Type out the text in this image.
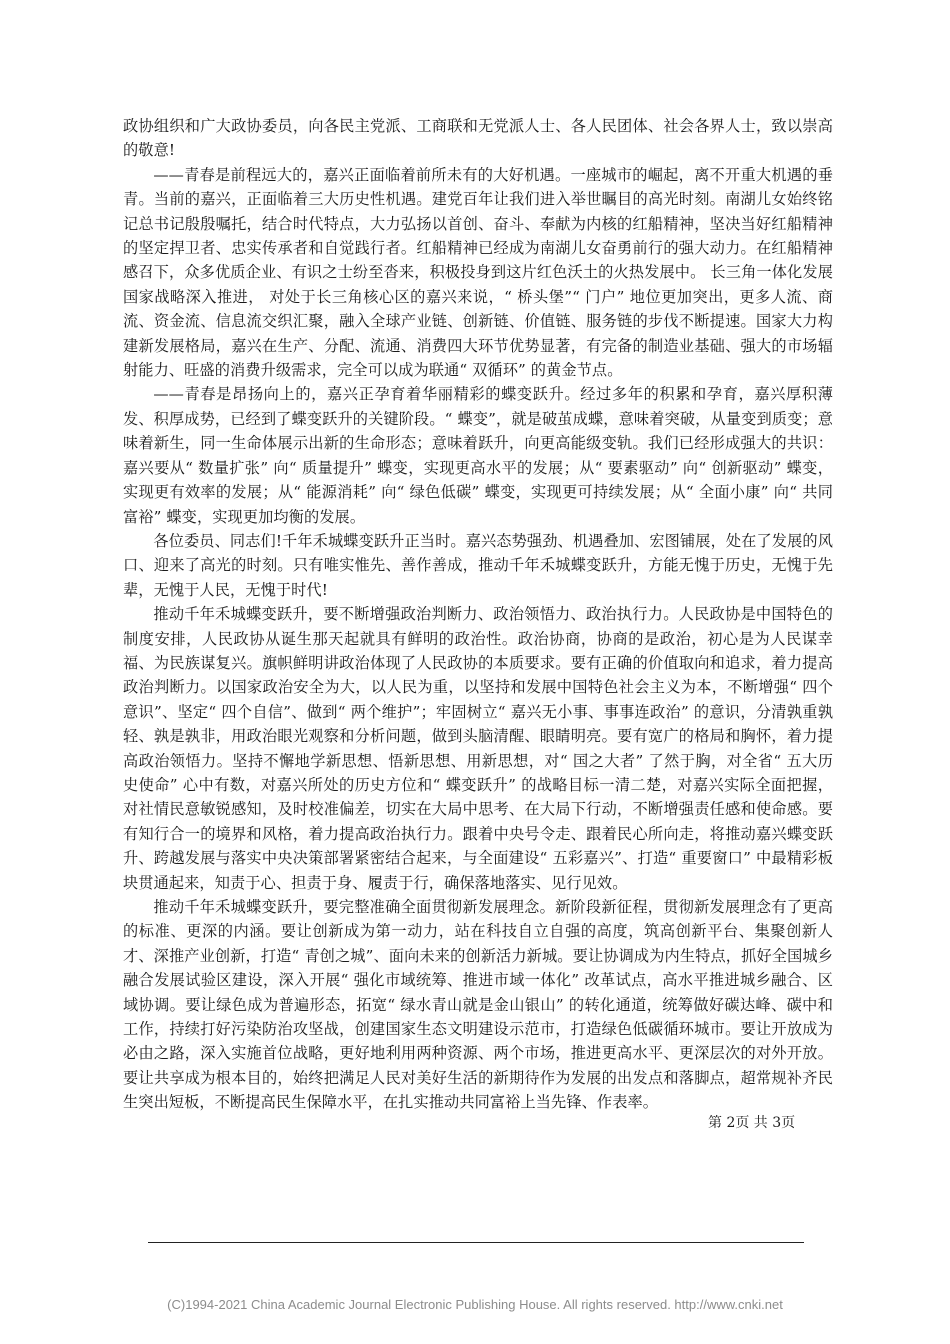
政协组织和广大政协委员，向各民主党派、工商联和无党派人士、各人民团体、社会各界人士，致以崇高的敬意!

——青春是前程远大的，嘉兴正面临着前所未有的大好机遇。一座城市的崛起，离不开重大机遇的垂青。当前的嘉兴，正面临着三大历史性机遇。建党百年让我们进入举世瞩目的高光时刻。南湖儿女始终铭记总书记殷殷嘱托，结合时代特点，大力弘扬以首创、奋斗、奉献为内核的红船精神，坚决当好红船精神的坚定捍卫者、忠实传承者和自觉践行者。红船精神已经成为南湖儿女奋勇前行的强大动力。在红船精神感召下，众多优质企业、有识之士纷至沓来，积极投身到这片红色沃土的火热发展中。 长三角一体化发展国家战略深入推进， 对处于长三角核心区的嘉兴来说，“ 桥头堡”“ 门户” 地位更加突出，更多人流、商流、资金流、信息流交织汇聚，融入全球产业链、创新链、价值链、服务链的步伐不断提速。国家大力构建新发展格局，嘉兴在生产、分配、流通、消费四大环节优势显著，有完备的制造业基础、强大的市场辐射能力、旺盛的消费升级需求，完全可以成为联通“ 双循环” 的黄金节点。

——青春是昂扬向上的，嘉兴正孕育着华丽精彩的蝶变跃升。经过多年的积累和孕育，嘉兴厚积薄发、积厚成势，已经到了蝶变跃升的关键阶段。“ 蝶变”，就是破茧成蝶，意味着突破，从量变到质变；意味着新生，同一生命体展示出新的生命形态；意味着跃升，向更高能级变轨。我们已经形成强大的共识：嘉兴要从“ 数量扩张” 向“ 质量提升” 蝶变，实现更高水平的发展；从“ 要素驱动” 向“ 创新驱动” 蝶变，实现更有效率的发展；从“ 能源消耗” 向“ 绿色低碳” 蝶变，实现更可持续发展；从“ 全面小康” 向“ 共同富裕” 蝶变，实现更加均衡的发展。

各位委员、同志们!千年禾城蝶变跃升正当时。嘉兴态势强劲、机遇叠加、宏图铺展，处在了发展的风口、迎来了高光的时刻。只有唯实惟先、善作善成，推动千年禾城蝶变跃升，方能无愧于历史，无愧于先辈，无愧于人民，无愧于时代!

推动千年禾城蝶变跃升，要不断增强政治判断力、政治领悟力、政治执行力。人民政协是中国特色的制度安排，人民政协从诞生那天起就具有鲜明的政治性。政治协商，协商的是政治，初心是为人民谋幸福、为民族谋复兴。旗帜鲜明讲政治体现了人民政协的本质要求。要有正确的价值取向和追求，着力提高政治判断力。以国家政治安全为大，以人民为重，以坚持和发展中国特色社会主义为本，不断增强“ 四个意识”、坚定“ 四个自信”、做到“ 两个维护”；牢固树立“ 嘉兴无小事、事事连政治” 的意识，分清孰重孰轻、孰是孰非，用政治眼光观察和分析问题，做到头脑清醒、眼睛明亮。要有宽广的格局和胸怀，着力提高政治领悟力。坚持不懈地学新思想、悟新思想、用新思想，对“ 国之大者” 了然于胸，对全省“ 五大历史使命” 心中有数，对嘉兴所处的历史方位和“ 蝶变跃升” 的战略目标一清二楚，对嘉兴实际全面把握，对社情民意敏锐感知，及时校准偏差，切实在大局中思考、在大局下行动，不断增强责任感和使命感。要有知行合一的境界和风格，着力提高政治执行力。跟着中央号令走、跟着民心所向走，将推动嘉兴蝶变跃升、跨越发展与落实中央决策部署紧密结合起来，与全面建设“ 五彩嘉兴”、打造“ 重要窗口” 中最精彩板块贯通起来，知责于心、担责于身、履责于行，确保落地落实、见行见效。

推动千年禾城蝶变跃升，要完整准确全面贯彻新发展理念。新阶段新征程，贯彻新发展理念有了更高的标准、更深的内涵。要让创新成为第一动力，站在科技自立自强的高度，筑高创新平台、集聚创新人才、深推产业创新，打造“ 青创之城”、面向未来的创新活力新城。要让协调成为内生特点，抓好全国城乡融合发展试验区建设，深入开展“ 强化市域统筹、推进市域一体化” 改革试点，高水平推进城乡融合、区域协调。要让绿色成为普遍形态，拓宽“ 绿水青山就是金山银山” 的转化通道，统筹做好碳达峰、碳中和工作，持续打好污染防治攻坚战，创建国家生态文明建设示范市，打造绿色低碳循环城市。要让开放成为必由之路，深入实施首位战略，更好地利用两种资源、两个市场，推进更高水平、更深层次的对外开放。要让共享成为根本目的，始终把满足人民对美好生活的新期待作为发展的出发点和落脚点，超常规补齐民生突出短板，不断提高民生保障水平，在扎实推动共同富裕上当先锋、作表率。

第 2页 共 3页
(C)1994-2021 China Academic Journal Electronic Publishing House. All rights reserved. http://www.cnki.net
